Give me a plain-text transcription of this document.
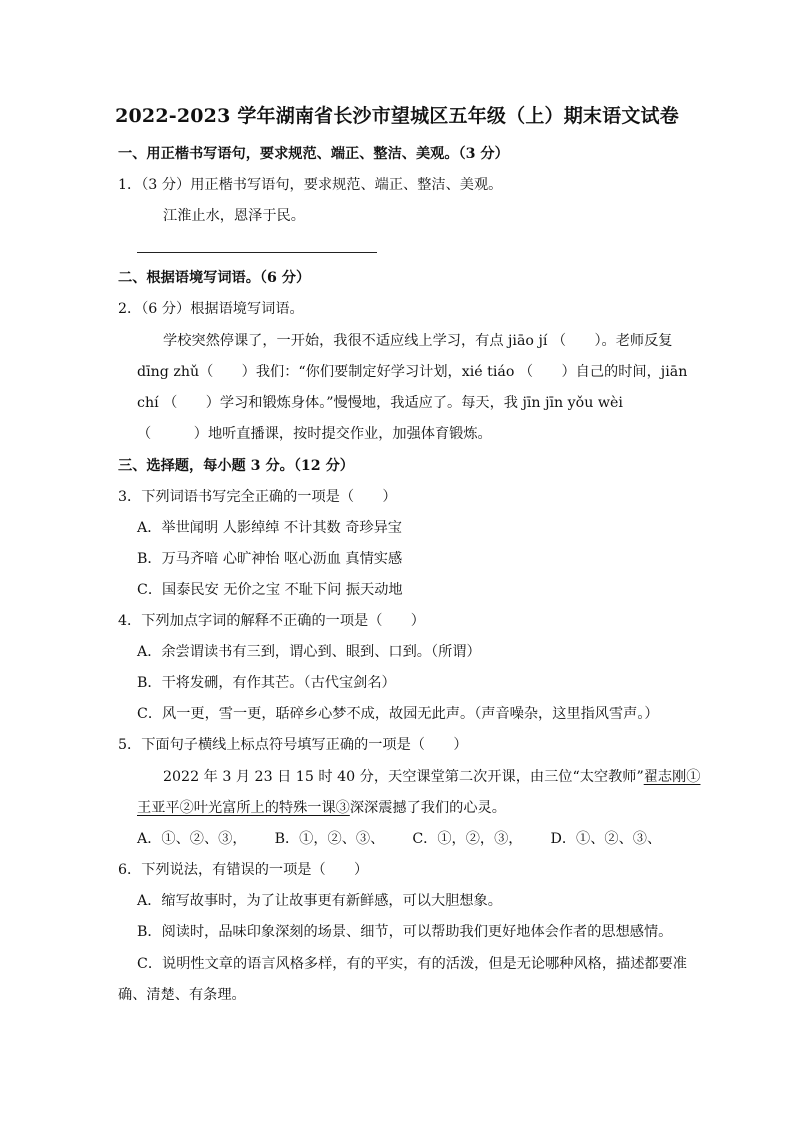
2022-2023 学年湖南省长沙市望城区五年级（上）期末语文试卷
一、用正楷书写语句，要求规范、端正、整洁、美观。（3 分）
1．（3 分）用正楷书写语句，要求规范、端正、整洁、美观。
江淮止水，恩泽于民。
二、根据语境写词语。（6 分）
2．（6 分）根据语境写词语。
学校突然停课了，一开始，我很不适应线上学习，有点 jiāo jí （　　）。老师反复
dīng zhǔ（　　）我们：“你们要制定好学习计划，xié tiáo （　　）自己的时间，jiān
chí （　　）学习和锻炼身体。”慢慢地，我适应了。每天，我 jīn jīn yǒu wèi
（　　　）地听直播课，按时提交作业，加强体育锻炼。
三、选择题，每小题 3 分。（12 分）
3．下列词语书写完全正确的一项是（　　）
A．举世闻明 人影绰绰 不计其数 奇珍异宝
B．万马齐喑 心旷神怡 呕心沥血 真情实感
C．国泰民安 无价之宝 不耻下问 振天动地
4．下列加点字词的解释不正确的一项是（　　）
A．余尝谓读书有三到，谓心到、眼到、口到。（所谓）
B．干将发硎，有作其芒。（古代宝剑名）
C．风一更，雪一更，聒碎乡心梦不成，故园无此声。（声音噪杂，这里指风雪声。）
5．下面句子横线上标点符号填写正确的一项是（　　）
2022 年 3 月 23 日 15 时 40 分，天空课堂第二次开课，由三位“太空教师”翟志刚①
王亚平②叶光富所上的特殊一课③深深震撼了我们的心灵。
A．①、②、③， B．①，②、③、 C．①，②，③， D．①、②、③、
6．下列说法，有错误的一项是（　　）
A．缩写故事时，为了让故事更有新鲜感，可以大胆想象。
B．阅读时，品味印象深刻的场景、细节，可以帮助我们更好地体会作者的思想感情。
C．说明性文章的语言风格多样，有的平实，有的活泼，但是无论哪种风格，描述都要准
确、清楚、有条理。
